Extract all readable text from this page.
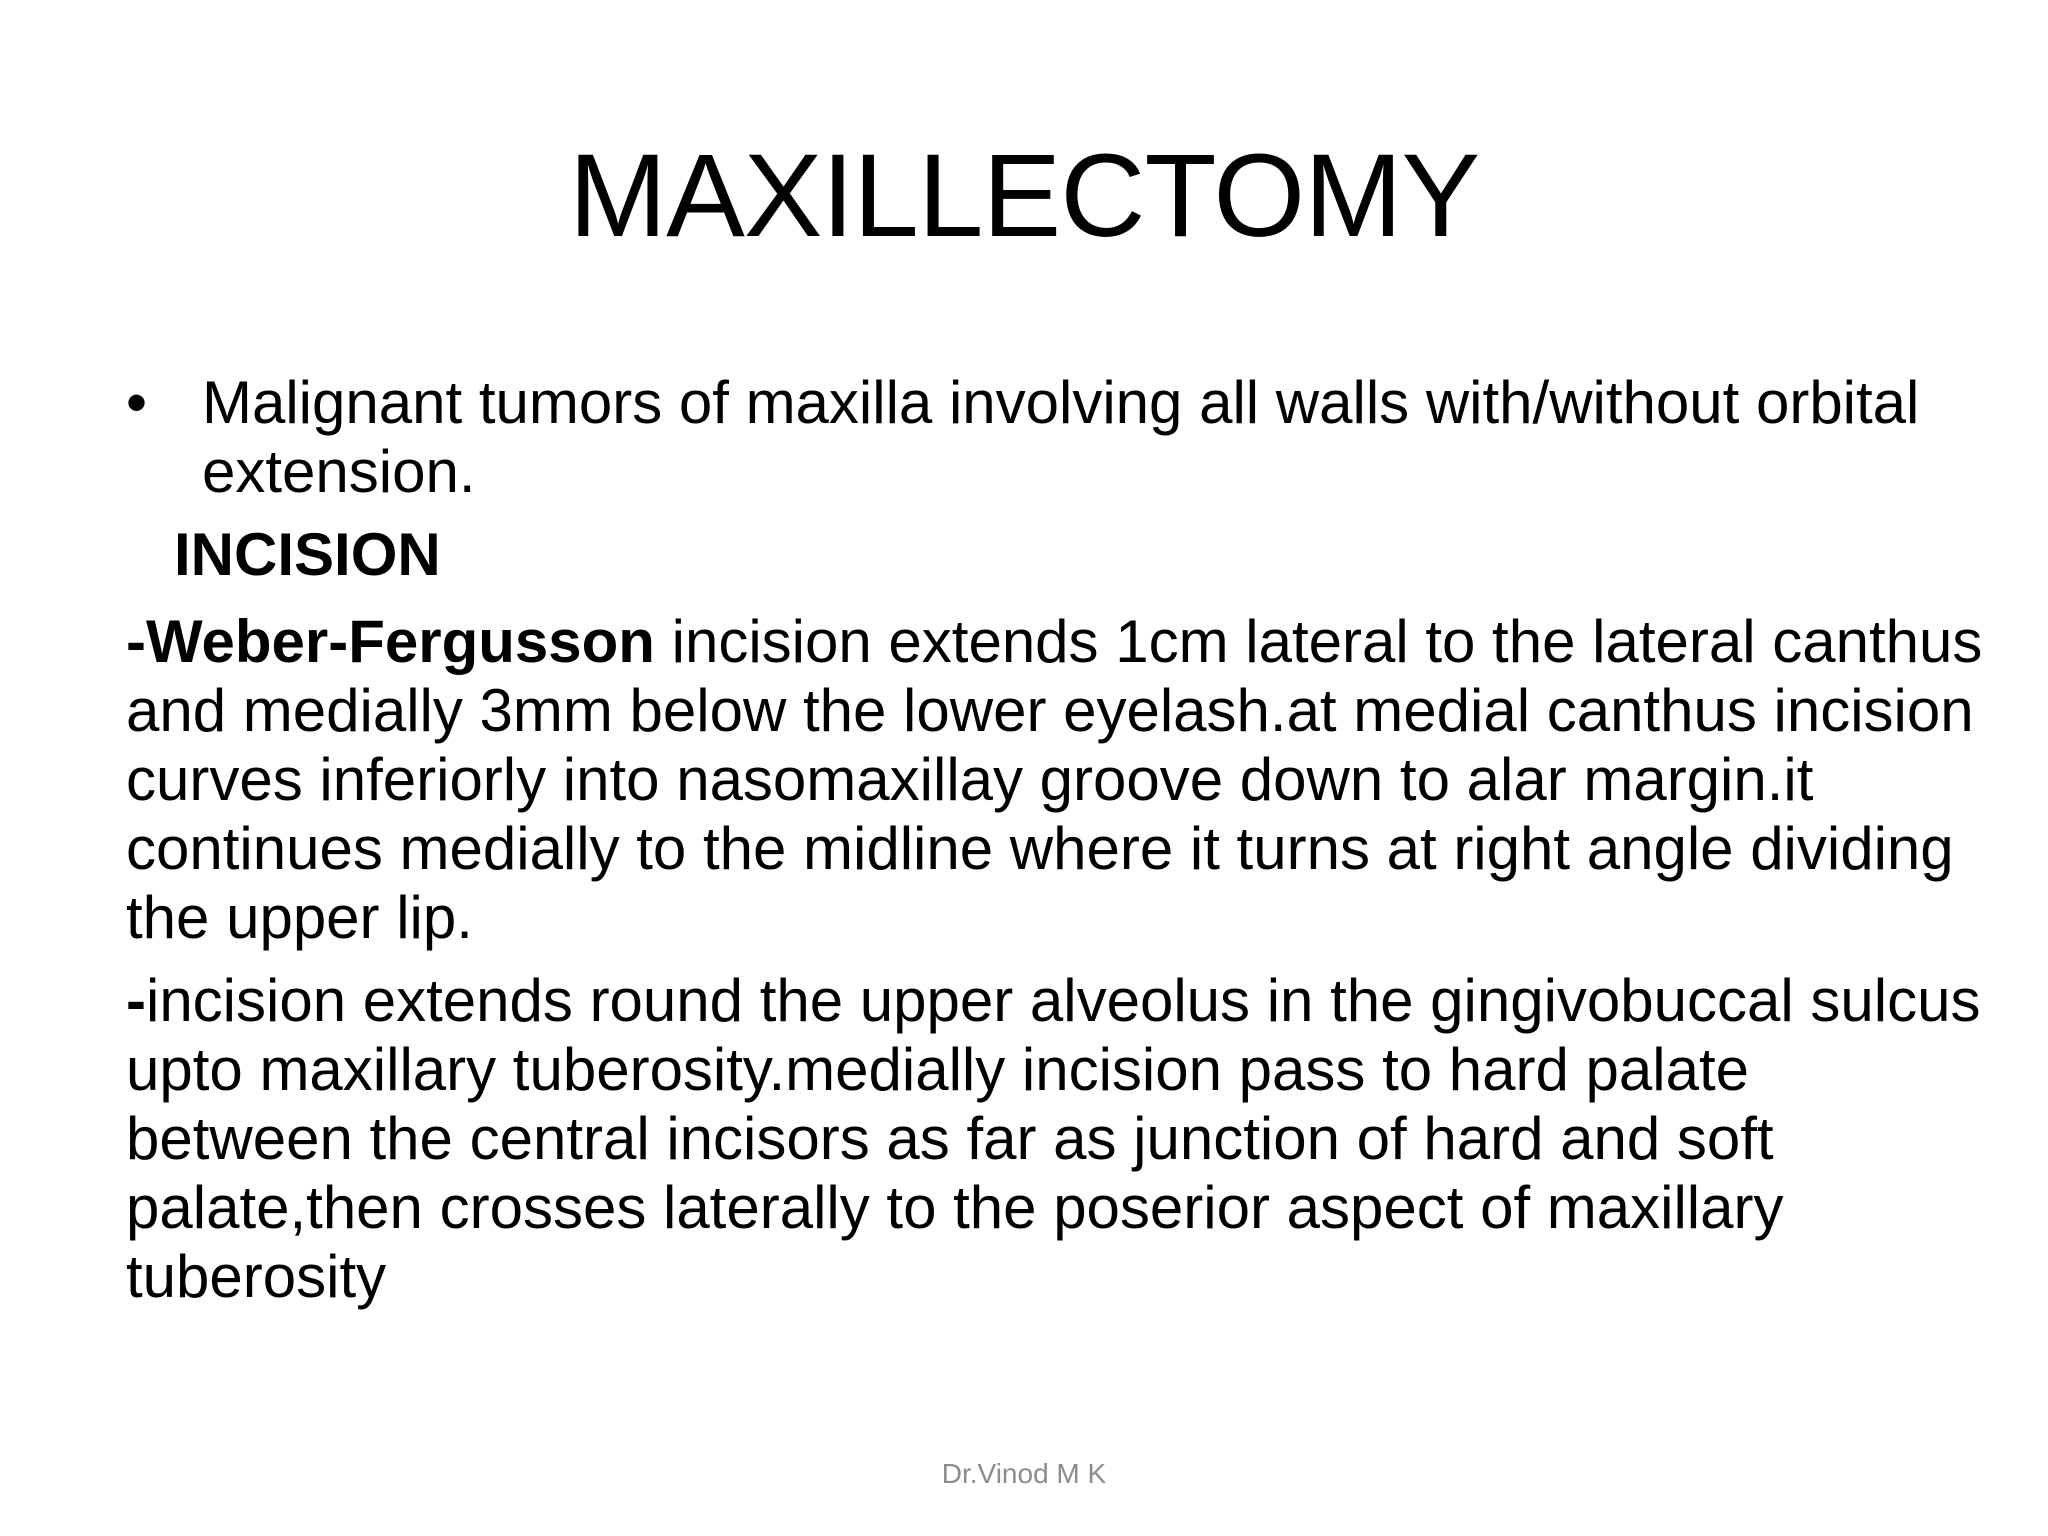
MAXILLECTOMY
• Malignant tumors of maxilla involving all walls with/without orbital extension.
INCISION
-Weber-Fergusson incision extends 1cm lateral to the lateral canthus and medially 3mm below the lower eyelash.at medial canthus incision curves inferiorly into nasomaxillay groove down to alar margin.it continues medially to the midline where it turns at right angle dividing the upper lip.
-incision extends round the upper alveolus in the gingivobuccal sulcus upto maxillary tuberosity.medially incision pass to hard palate between the central incisors as far as junction of hard and soft palate,then crosses laterally to the poserior aspect of maxillary tuberosity
Dr.Vinod M K
